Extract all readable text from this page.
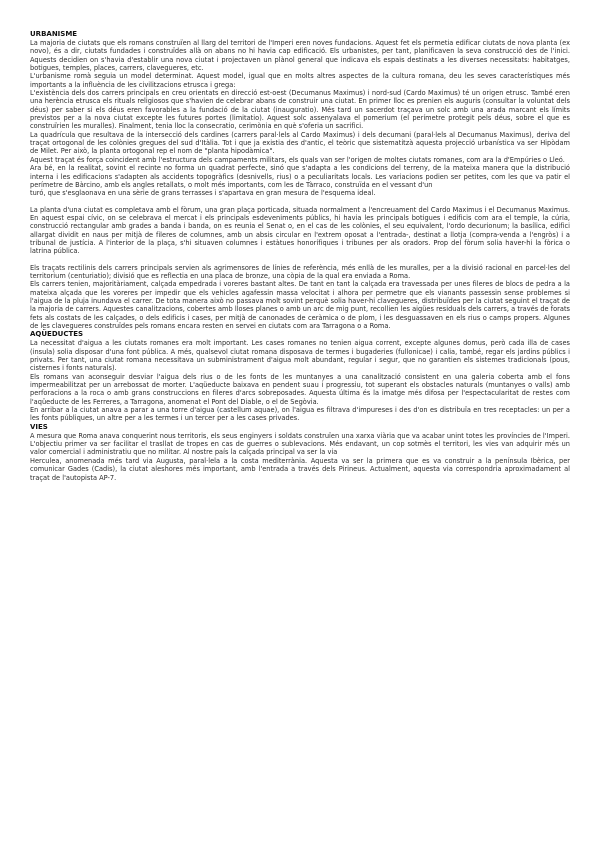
URBANISME

La majoria de ciutats que els romans construïen al llarg del territori de l'Imperi eren noves fundacions. Aquest fet els permetia edificar ciutats de nova planta (ex novo), és a dir, ciutats fundades i construïdes allà on abans no hi havia cap edificació. Els urbanistes, per tant, planificaven la seva construcció des de l'inici. Aquests decidien on s'havia d'establir una nova ciutat i projectaven un plànol general que indicava els espais destinats a les diverses necessitats: habitatges, botigues, temples, places, carrers, clavegueres, etc.

L'urbanisme romà seguia un model determinat. Aquest model, igual que en molts altres aspectes de la cultura romana, deu les seves característiques més importants a la influència de les civilitzacions etrusca i grega:

L'existència dels dos carrers principals en creu orientats en direcció est-oest (Decumanus Maximus) i nord-sud (Cardo Maximus) té un origen etrusc. També eren una herència etrusca els rituals religiosos que s'havien de celebrar abans de construir una ciutat. En primer lloc es prenien els auguris (consultar la voluntat dels déus) per saber si els déus eren favorables a la fundació de la ciutat (inauguratio). Més tard un sacerdot traçava un solc amb una arada marcant els límits previstos per a la nova ciutat excepte les futures portes (limitatio). Aquest solc assenyalava el pomerium (el perímetre protegit pels déus, sobre el que es construïrien les muralles). Finalment, tenia lloc la consecratio, cerimònia en què s'oferia un sacrifici.

La quadrícula que resultava de la intersecció dels cardines (carrers paral·lels al Cardo Maximus) i dels decumani (paral·lels al Decumanus Maximus), deriva del traçat ortogonal de les colònies gregues del sud d'Itàlia. Tot i que ja existia des d'antic, el teòric que sistematitzà aquesta projecció urbanística va ser Hipòdam de Milet. Per això, la planta ortogonal rep el nom de "planta hipodàmica".

Aquest traçat és força coincident amb l'estructura dels campaments militars, els quals van ser l'origen de moltes ciutats romanes, com ara la d'Empúries o Lleó.

Ara bé, en la realitat, sovint el recinte no forma un quadrat perfecte, sinó que s'adapta a les condicions del terreny, de la mateixa manera que la distribució interna i les edificacions s'adapten als accidents topogràfics (desnivells, rius) o a peculiaritats locals. Les variacions podien ser petites, com les que va patir el perímetre de Bàrcino, amb els angles retallats, o molt més importants, com les de Tàrraco, construïda en el vessant d'un

turó, que s'esglaonava en una sèrie de grans terrasses i s'apartava en gran mesura de l'esquema ideal.

La planta d'una ciutat es completava amb el fòrum, una gran plaça porticada, situada normalment a l'encreuament del Cardo Maximus i el Decumanus Maximus. En aquest espai cívic, on se celebrava el mercat i els principals esdeveniments públics, hi havia les principals botigues i edificis com ara el temple, la cúria, construcció rectangular amb grades a banda i banda, on es reunia el Senat o, en el cas de les colònies, el seu equivalent, l'ordo decurionum; la basílica, edifici allargat dividit en naus per mitjà de fileres de columnes, amb un absis circular en l'extrem oposat a l'entrada-, destinat a llotja (compra-venda a l'engròs) i a tribunal de justícia. A l'interior de la plaça, s'hi situaven columnes i estàtues honorífiques i tribunes per als oradors. Prop del fòrum solia haver-hi la fòrica o latrina pública.

Els traçats rectilinis dels carrers principals servien als agrimensores de línies de referència, més enllà de les muralles, per a la divisió racional en parcel·les del territorium (centuriatio); divisió que es reflectia en una placa de bronze, una còpia de la qual era enviada a Roma.

Els carrers tenien, majoritàriament, calçada empedrada i voreres bastant altes. De tant en tant la calçada era travessada per unes fileres de blocs de pedra a la mateixa alçada que les voreres per impedir que els vehicles agafessin massa velocitat i alhora per permetre que els vianants passessin sense problemes si l'aigua de la pluja inundava el carrer. De tota manera això no passava molt sovint perquè solia haver-hi clavegueres, distribuïdes per la ciutat seguint el traçat de la majoria de carrers. Aquestes canalitzacions, cobertes amb lloses planes o amb un arc de mig punt, recollien les aigües residuals dels carrers, a través de forats fets als costats de les calçades, o dels edificis i cases, per mitjà de canonades de ceràmica o de plom, i les desguassaven en els rius o camps propers. Algunes de les clavegueres construïdes pels romans encara resten en servei en ciutats com ara Tarragona o a Roma.

AQÜEDUCTES

La necessitat d'aigua a les ciutats romanes era molt important. Les cases romanes no tenien aigua corrent, excepte algunes domus, però cada illa de cases (insula) solia disposar d'una font pública. A més, qualsevol ciutat romana disposava de termes i bugaderies (fullonicae) i calia, també, regar els jardins públics i privats. Per tant, una ciutat romana necessitava un subministrament d'aigua molt abundant, regular i segur, que no garantien els sistemes tradicionals (pous, cisternes i fonts naturals).

Els romans van aconseguir desviar l'aigua dels rius o de les fonts de les muntanyes a una canalització consistent en una galeria coberta amb el fons impermeabilitzat per un arrebossat de morter. L'aqüeducte baixava en pendent suau i progressiu, tot superant els obstacles naturals (muntanyes o valls) amb perforacions a la roca o amb grans construccions en fileres d'arcs sobreposades. Aquesta última és la imatge més difosa per l'espectacularitat de restes com l'aqüeducte de les Ferreres, a Tarragona, anomenat el Pont del Diable, o el de Segòvia.

En arribar a la ciutat anava a parar a una torre d'aigua (castellum aquae), on l'aigua es filtrava d'impureses i des d'on es distribuïa en tres receptacles: un per a les fonts públiques, un altre per a les termes i un tercer per a les cases privades.

VIES

A mesura que Roma anava conquerint nous territoris, els seus enginyers i soldats construïen una xarxa viària que va acabar unint totes les províncies de l'Imperi. L'objectiu primer va ser facilitar el trasllat de tropes en cas de guerres o sublevacions. Més endavant, un cop sotmès el territori, les vies van adquirir més un valor comercial i administratiu que no militar. Al nostre país la calçada principal va ser la via

Herculea, anomenada més tard via Augusta, paral·lela a la costa mediterrània. Aquesta va ser la primera que es va construir a la península Ibèrica, per comunicar Gades (Cadis), la ciutat aleshores més important, amb l'entrada a través dels Pirineus. Actualment, aquesta via correspondria aproximadament al traçat de l'autopista AP-7.
